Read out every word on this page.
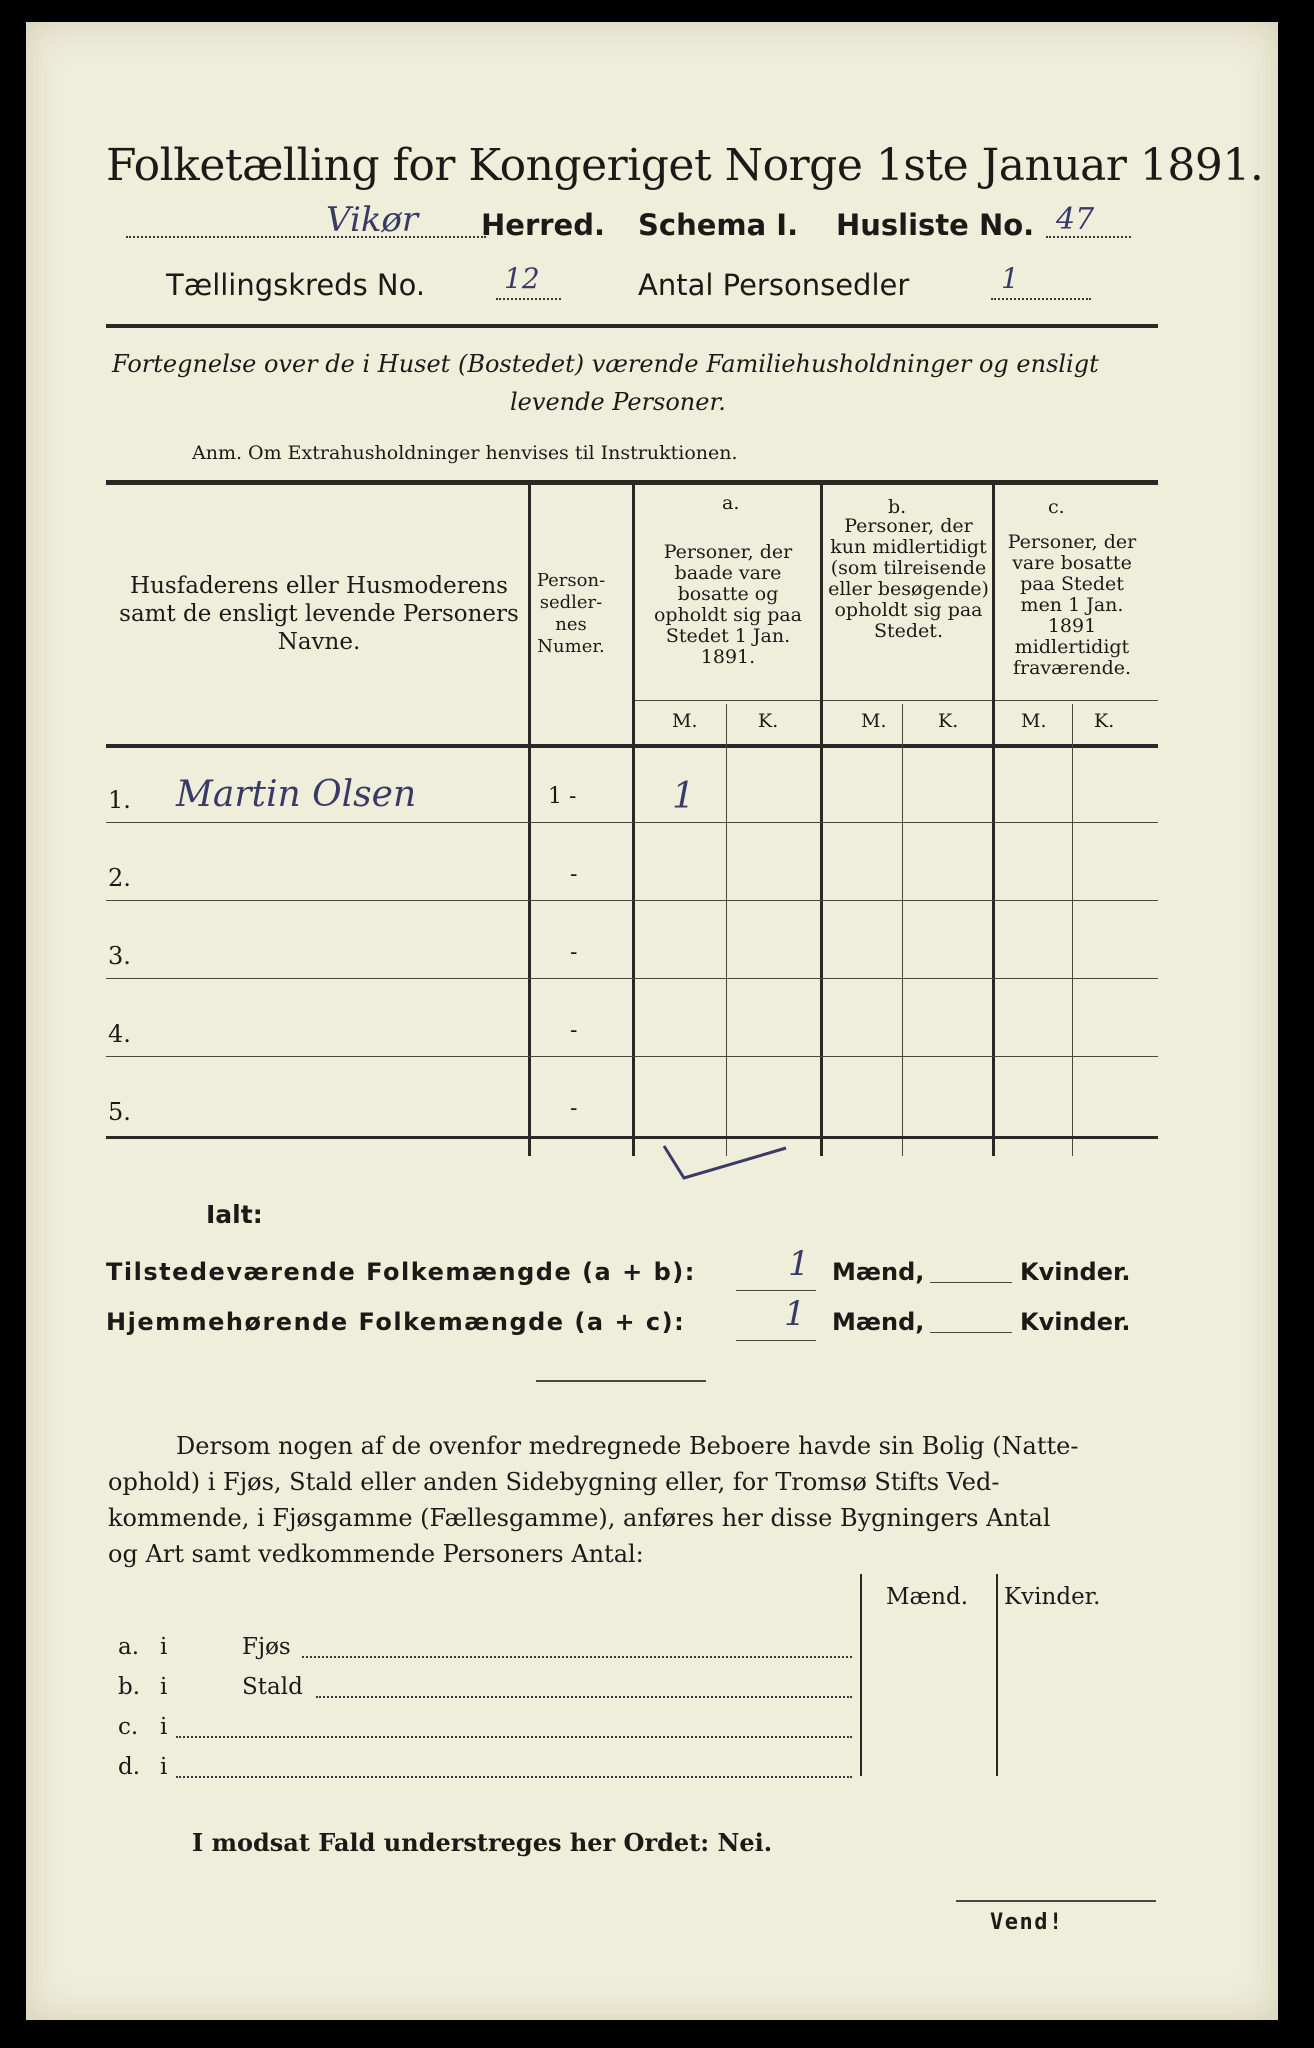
Folketælling for Kongeriget Norge 1ste Januar 1891.
Vikør Herred. Schema I. Husliste No. 47
Tællingskreds No.	12	Antal Personsedler	1
Fortegnelse over de i Huset (Bostedet) værende Familiehusholdninger og ensligt
levende Personer.
Anm. Om Extrahusholdninger henvises til Instruktionen.
Husfaderens eller Husmoderens samt de ensligt levende Personers Navne.
Person-sedler-nes Numer.
a.
Personer, der baade vare bosatte og opholdt sig paa Stedet 1 Jan. 1891.
b.
Personer, der kun midlertidigt (som tilreisende eller besøgende) opholdt sig paa Stedet.
c.
Personer, der vare bosatte paa Stedet men 1 Jan. 1891 midlertidigt fraværende.
M.	K.	M.	K.	M.	K.
1. Martin Olsen	1 -	1
2.	-
3.	-
4.	-
5.	-
Ialt:
Tilstedeværende Folkemængde (a + b):	1 Mænd,	Kvinder.
Hjemmehørende Folkemængde (a + c):	1 Mænd,	Kvinder.
Dersom nogen af de ovenfor medregnede Beboere havde sin Bolig (Natte-
ophold) i Fjøs, Stald eller anden Sidebygning eller, for Tromsø Stifts Ved-
kommende, i Fjøsgamme (Fællesgamme), anføres her disse Bygningers Antal
og Art samt vedkommende Personers Antal:
Mænd. Kvinder.
a. i	Fjøs
b. i	Stald
c. i
d. i
I modsat Fald understreges her Ordet: Nei.
Vend!
